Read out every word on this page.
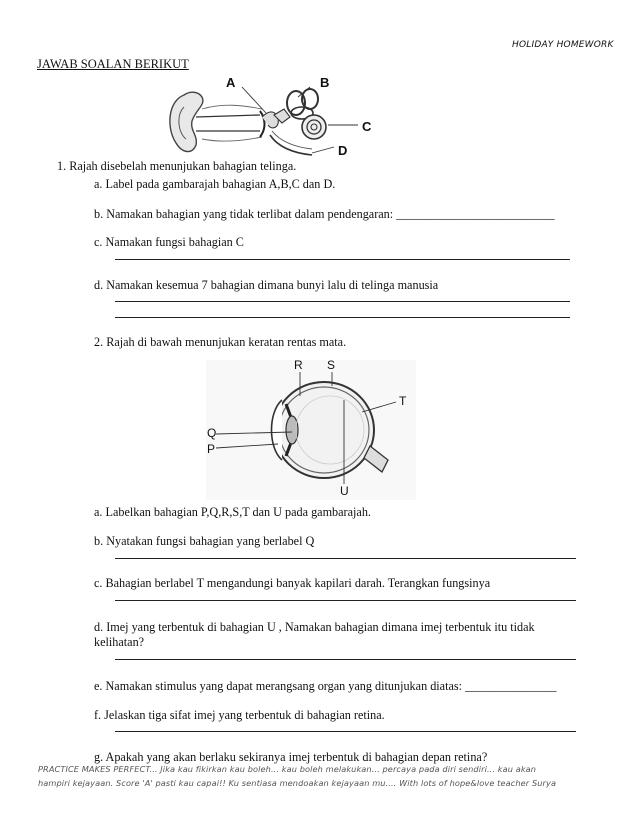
HOLIDAY HOMEWORK
JAWAB SOALAN BERIKUT
A	B
C
D
1. Rajah disebelah menunjukan bahagian telinga.
a. Label pada gambarajah bahagian A,B,C dan D.
b. Namakan bahagian yang tidak terlibat dalam pendengaran: __________________________
c. Namakan fungsi bahagian C
d. Namakan kesemua 7 bahagian dimana bunyi lalu di telinga manusia
2. Rajah di bawah menunjukan keratan rentas mata.
R S
T
Q
P
U
a. Labelkan bahagian P,Q,R,S,T dan U pada gambarajah.
b. Nyatakan fungsi bahagian yang berlabel Q
c. Bahagian berlabel T mengandungi banyak kapilari darah. Terangkan fungsinya
d. Imej yang terbentuk di bahagian U , Namakan bahagian dimana imej terbentuk itu tidak
kelihatan?
e. Namakan stimulus yang dapat merangsang organ yang ditunjukan diatas: _______________
f. Jelaskan tiga sifat imej yang terbentuk di bahagian retina.
g. Apakah yang akan berlaku sekiranya imej terbentuk di bahagian depan retina?
PRACTICE MAKES PERFECT... Jika kau fikirkan kau boleh... kau boleh melakukan... percaya pada diri sendiri... kau akan
hampiri kejayaan. Score 'A' pasti kau capai!! Ku sentiasa mendoakan kejayaan mu.... With lots of hope&love teacher Surya
